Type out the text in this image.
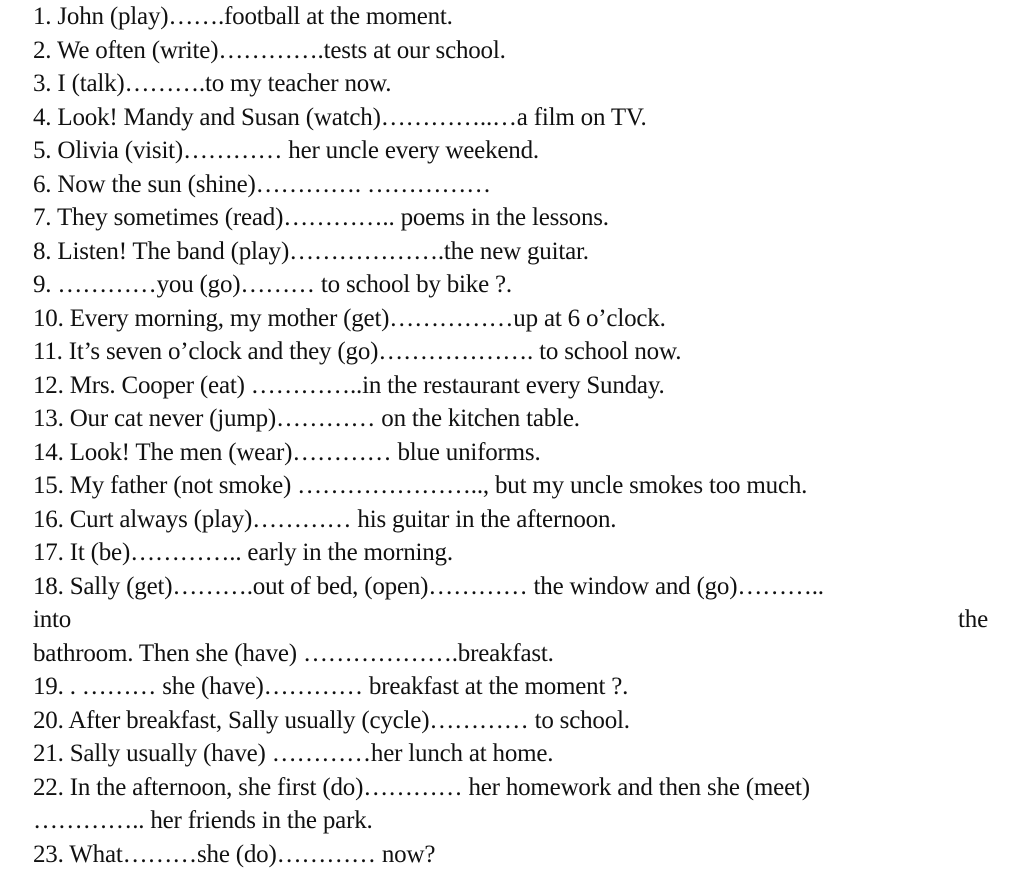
1. John (play)…….football at the moment.
2. We often (write)………….tests at our school.
3. I (talk)……….to my teacher now.
4. Look! Mandy and Susan (watch)…………..…a film on TV.
5. Olivia (visit)………… her uncle every weekend.
6. Now the sun (shine)…………. ……………
7. They sometimes (read)………….. poems in the lessons.
8. Listen! The band (play)……………….the new guitar.
9. …………you (go)……… to school by bike ?.
10. Every morning, my mother (get)……………up at 6 o’clock.
11. It’s seven o’clock and they (go)………………. to school now.
12. Mrs. Cooper (eat) …………..in the restaurant every Sunday.
13. Our cat never (jump)………… on the kitchen table.
14. Look! The men (wear)………… blue uniforms.
15. My father (not smoke) ………………….., but my uncle smokes too much.
16. Curt always (play)………… his guitar in the afternoon.
17. It (be)………….. early in the morning.
18. Sally (get)……….out of bed, (open)………… the window and (go)………..
into	the
bathroom. Then she (have) ……………….breakfast.
19. . ……… she (have)………… breakfast at the moment ?.
20. After breakfast, Sally usually (cycle)………… to school.
21. Sally usually (have) …………her lunch at home.
22. In the afternoon, she first (do)………… her homework and then she (meet)
………….. her friends in the park.
23. What………she (do)………… now?
